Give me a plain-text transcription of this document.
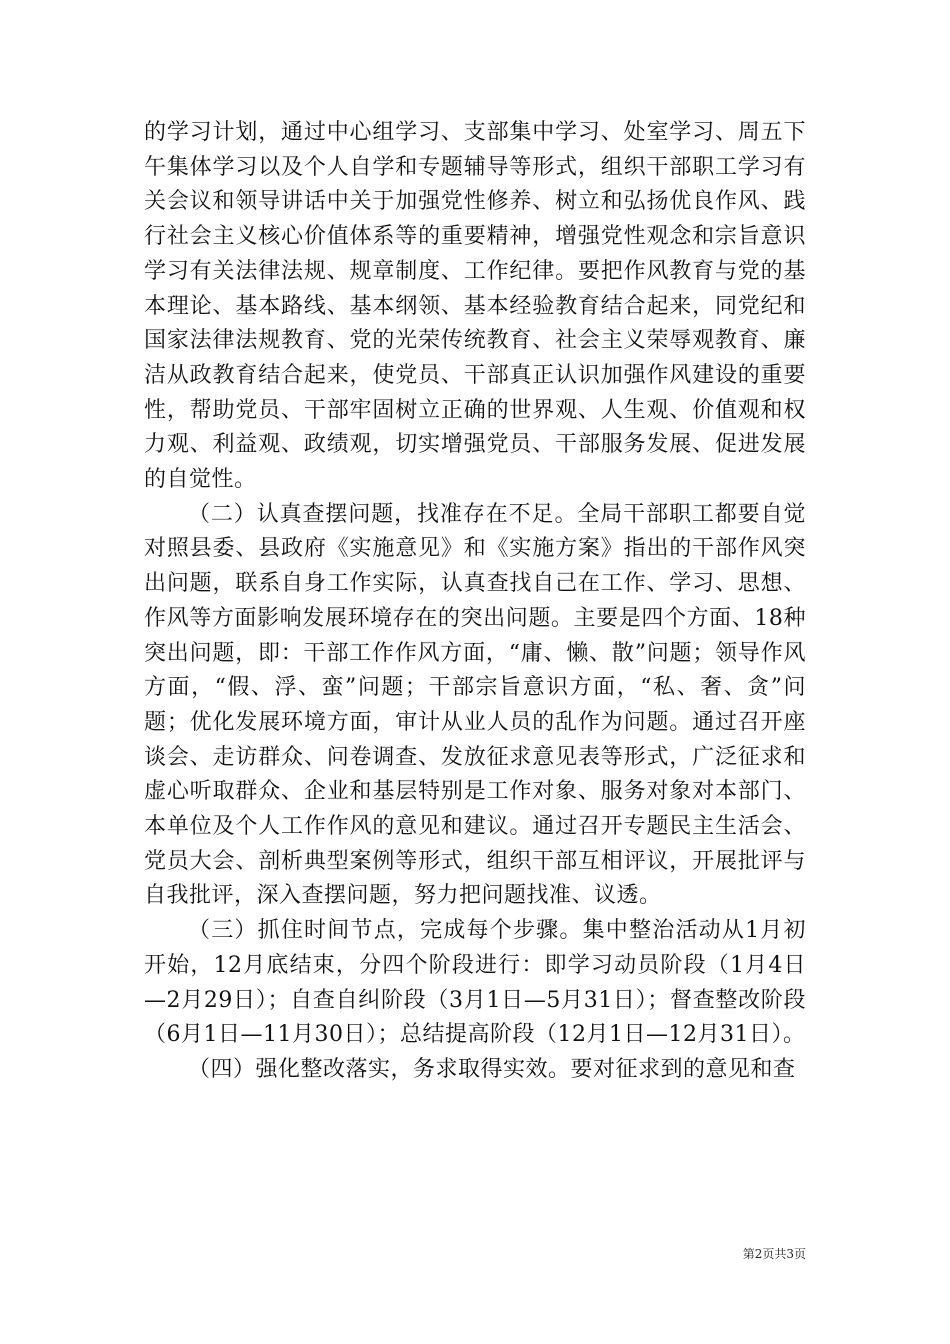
的学习计划，通过中心组学习、支部集中学习、处室学习、周五下午集体学习以及个人自学和专题辅导等形式，组织干部职工学习有关会议和领导讲话中关于加强党性修养、树立和弘扬优良作风、践行社会主义核心价值体系等的重要精神，增强党性观念和宗旨意识学习有关法律法规、规章制度、工作纪律。要把作风教育与党的基本理论、基本路线、基本纲领、基本经验教育结合起来，同党纪和国家法律法规教育、党的光荣传统教育、社会主义荣辱观教育、廉洁从政教育结合起来，使党员、干部真正认识加强作风建设的重要性，帮助党员、干部牢固树立正确的世界观、人生观、价值观和权力观、利益观、政绩观，切实增强党员、干部服务发展、促进发展的自觉性。

（二）认真查摆问题，找准存在不足。全局干部职工都要自觉对照县委、县政府《实施意见》和《实施方案》指出的干部作风突出问题，联系自身工作实际，认真查找自己在工作、学习、思想、作风等方面影响发展环境存在的突出问题。主要是四个方面、18种突出问题，即：干部工作作风方面，“庸、懒、散”问题；领导作风方面，“假、浮、蛮”问题；干部宗旨意识方面，“私、奢、贪”问题；优化发展环境方面，审计从业人员的乱作为问题。通过召开座谈会、走访群众、问卷调查、发放征求意见表等形式，广泛征求和虚心听取群众、企业和基层特别是工作对象、服务对象对本部门、本单位及个人工作作风的意见和建议。通过召开专题民主生活会、党员大会、剖析典型案例等形式，组织干部互相评议，开展批评与自我批评，深入查摆问题，努力把问题找准、议透。

（三）抓住时间节点，完成每个步骤。集中整治活动从1月初开始，12月底结束，分四个阶段进行：即学习动员阶段（1月4日—2月29日）；自查自纠阶段（3月1日—5月31日）；督查整改阶段（6月1日—11月30日）；总结提高阶段（12月1日—12月31日）。

（四）强化整改落实，务求取得实效。要对征求到的意见和查

第2页共3页
